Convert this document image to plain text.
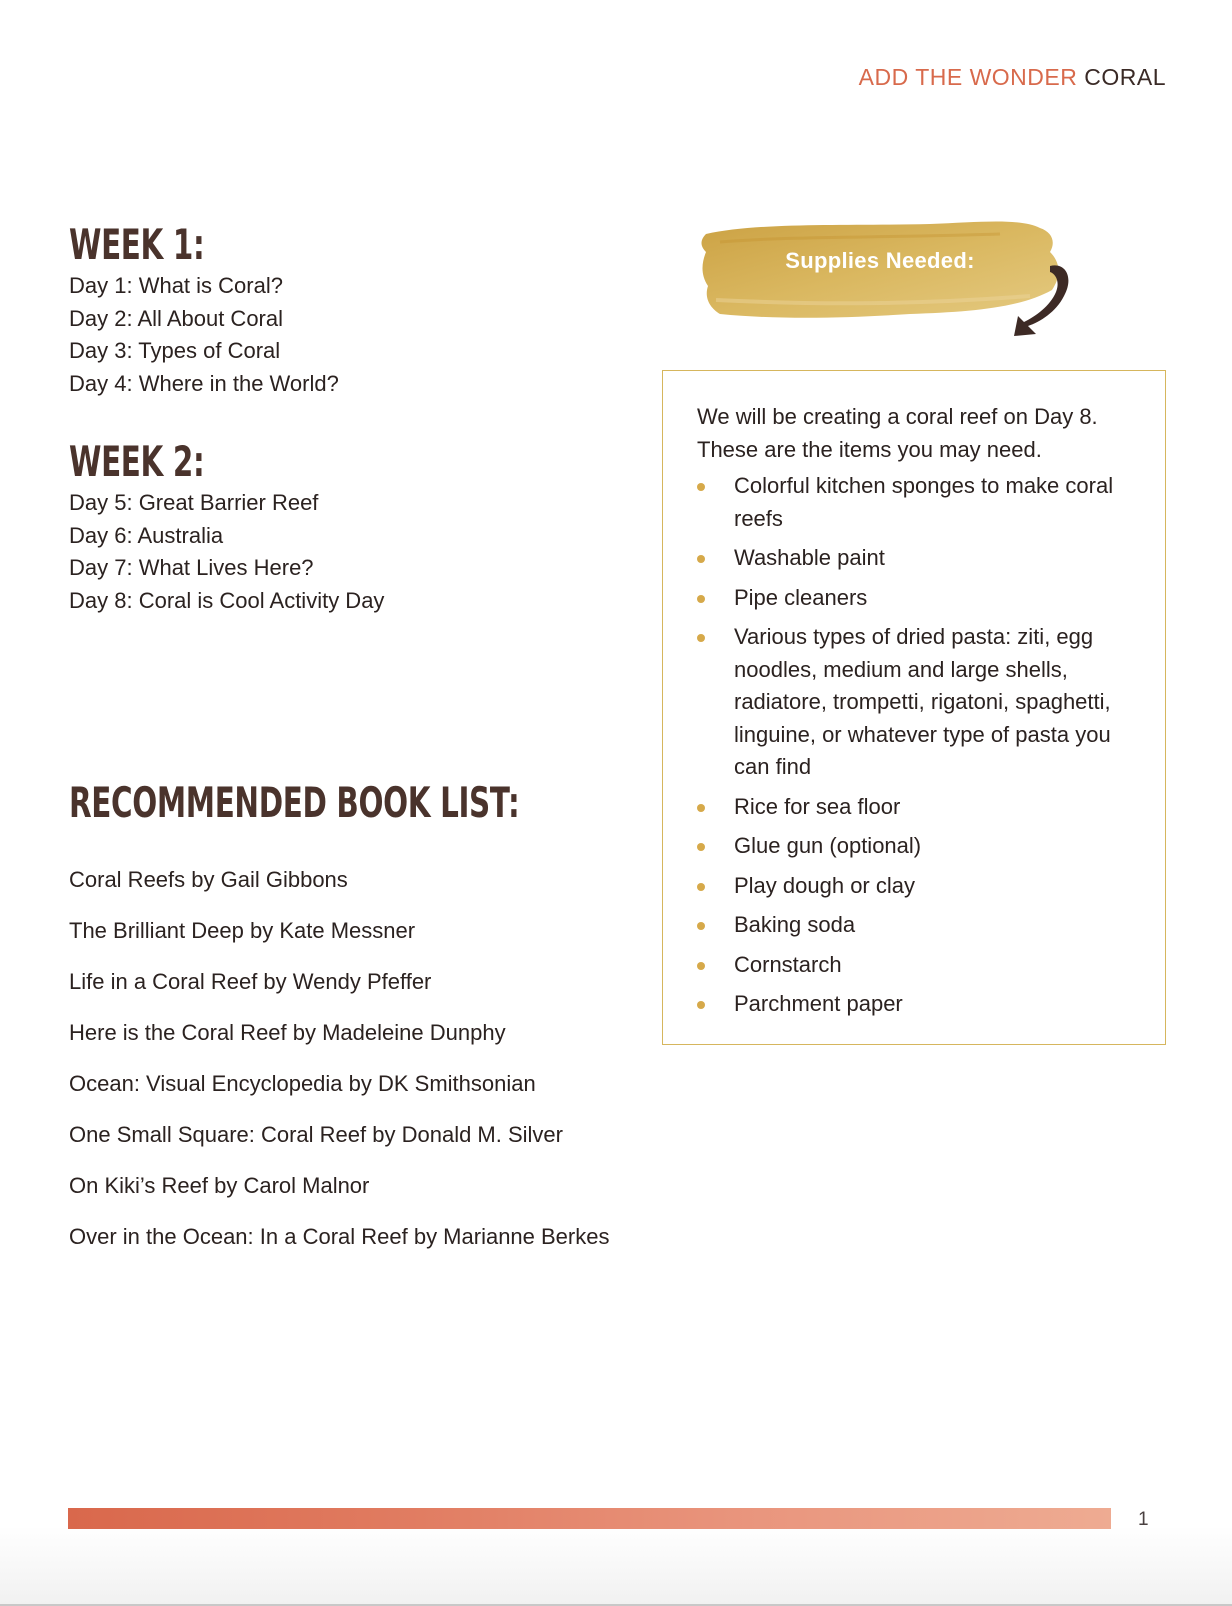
ADD THE WONDER CORAL
WEEK 1:
Day 1: What is Coral?
Day 2: All About Coral
Day 3: Types of Coral
Day 4: Where in the World?
WEEK 2:
Day 5: Great Barrier Reef
Day 6: Australia
Day 7: What Lives Here?
Day 8: Coral is Cool Activity Day
RECOMMENDED BOOK LIST:
Coral Reefs by Gail Gibbons
The Brilliant Deep by Kate Messner
Life in a Coral Reef by Wendy Pfeffer
Here is the Coral Reef by Madeleine Dunphy
Ocean: Visual Encyclopedia by DK Smithsonian
One Small Square: Coral Reef by Donald M. Silver
On Kiki’s Reef by Carol Malnor
Over in the Ocean: In a Coral Reef by Marianne Berkes
Supplies Needed:

We will be creating a coral reef on Day 8. These are the items you may need.

Colorful kitchen sponges to make coral reefs
Washable paint
Pipe cleaners
Various types of dried pasta: ziti, egg noodles, medium and large shells, radiatore, trompetti, rigatoni, spaghetti, linguine, or whatever type of pasta you can find
Rice for sea floor
Glue gun (optional)
Play dough or clay
Baking soda
Cornstarch
Parchment paper
1
